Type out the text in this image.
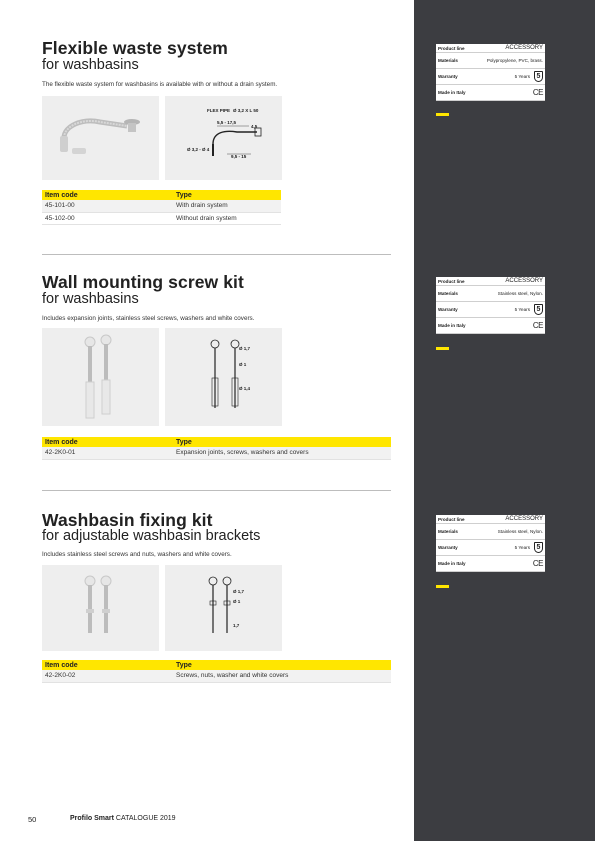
Flexible waste system
for washbasins
The flexible waste system for washbasins is available with or without a drain system.
FLEX PIPE Ø 3,2 X L 50
5,5 - 17,5
4,5
Ø 3,2 - Ø 4
9,5 - 15
Item code	Type
45-101-00	With drain system
45-102-00	Without drain system
Product line	ACCESSORY
Materials	Polypropylene, PVC, brass.
Warranty	5 Years 5
Made in Italy	CE
Wall mounting screw kit
for washbasins
Includes expansion joints, stainless steel screws, washers and white covers.
Ø 1,7
Ø 1
Ø 1,4
Item code	Type
42-2K0-01	Expansion joints, screws, washers and covers
Product line	ACCESSORY
Materials	Stainless steel, Nylon.
Warranty	5 Years 5
Made in Italy	CE
Washbasin fixing kit
for adjustable washbasin brackets
Includes stainless steel screws and nuts, washers and white covers.
Ø 1,7
Ø 1
1,7
Item code	Type
42-2K0-02	Screws, nuts, washer and white covers
Product line	ACCESSORY
Materials	Stainless steel, Nylon.
Warranty	5 Years 5
Made in Italy	CE
50	Profilo Smart CATALOGUE 2019
